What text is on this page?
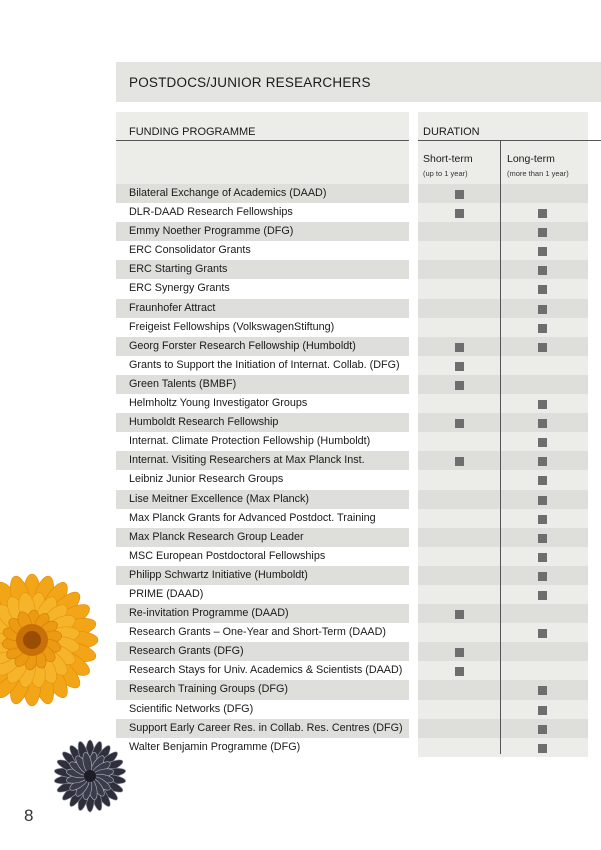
POSTDOCS/JUNIOR RESEARCHERS
FUNDING PROGRAMME	DURATION
Short-term
(up to 1 year)
Long-term
(more than 1 year)
Bilateral Exchange of Academics (DAAD)
DLR-DAAD Research Fellowships
Emmy Noether Programme (DFG)
ERC Consolidator Grants
ERC Starting Grants
ERC Synergy Grants
Fraunhofer Attract
Freigeist Fellowships (VolkswagenStiftung)
Georg Forster Research Fellowship (Humboldt)
Grants to Support the Initiation of Internat. Collab. (DFG)
Green Talents (BMBF)
Helmholtz Young Investigator Groups
Humboldt Research Fellowship
Internat. Climate Protection Fellowship (Humboldt)
Internat. Visiting Researchers at Max Planck Inst.
Leibniz Junior Research Groups
Lise Meitner Excellence (Max Planck)
Max Planck Grants for Advanced Postdoct. Training
Max Planck Research Group Leader
MSC European Postdoctoral Fellowships
Philipp Schwartz Initiative (Humboldt)
PRIME (DAAD)
Re-invitation Programme (DAAD)
Research Grants – One-Year and Short-Term (DAAD)
Research Grants (DFG)
Research Stays for Univ. Academics & Scientists (DAAD)
Research Training Groups (DFG)
Scientific Networks (DFG)
Support Early Career Res. in Collab. Res. Centres (DFG)
Walter Benjamin Programme (DFG)
8
